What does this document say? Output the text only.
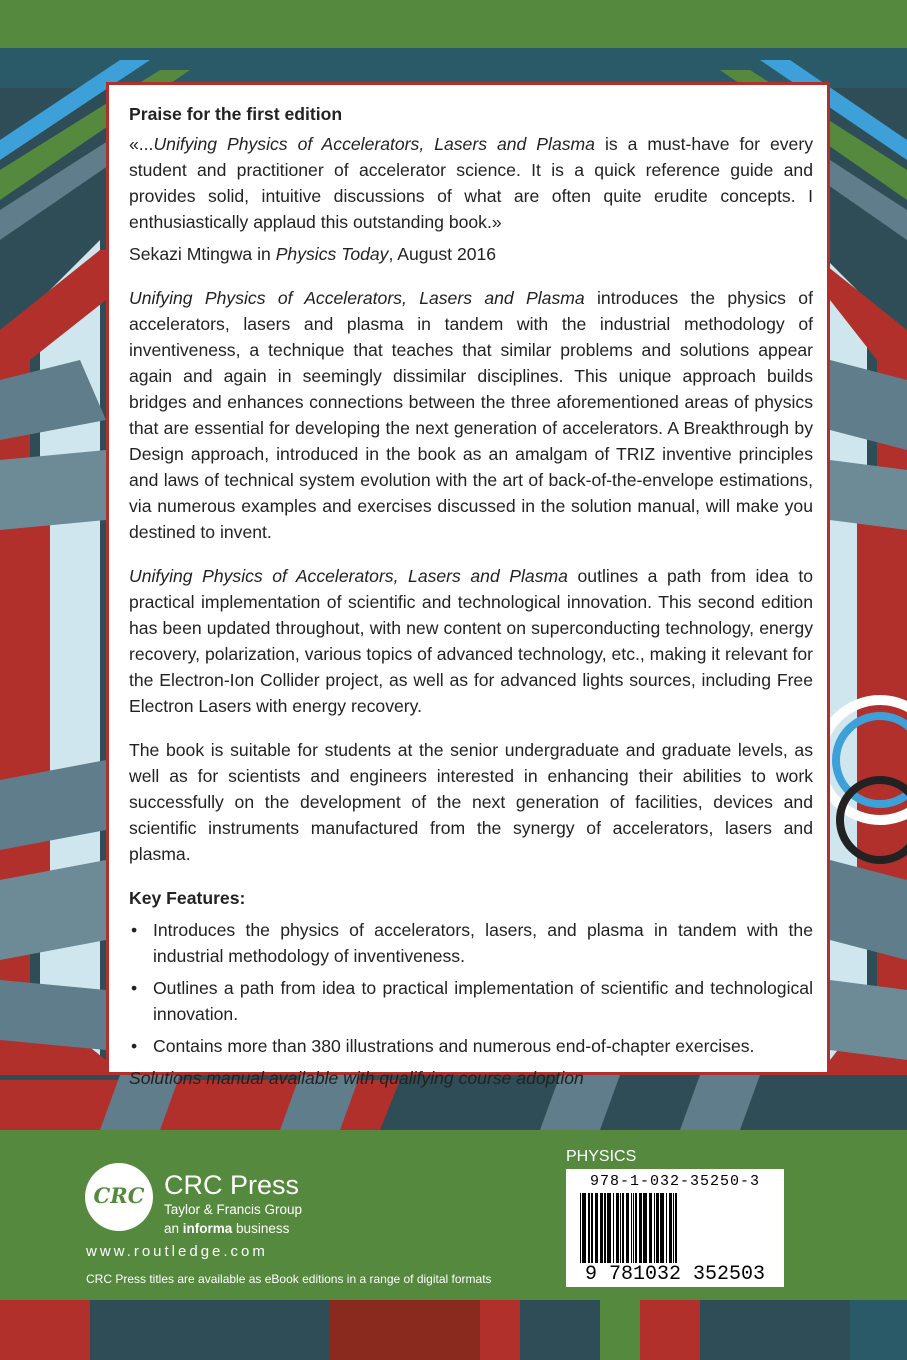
Praise for the first edition

«...Unifying Physics of Accelerators, Lasers and Plasma is a must-have for every student and practitioner of accelerator science. It is a quick reference guide and provides solid, intuitive discussions of what are often quite erudite concepts. I enthusiastically applaud this outstanding book.»

Sekazi Mtingwa in Physics Today, August 2016

Unifying Physics of Accelerators, Lasers and Plasma introduces the physics of accelerators, lasers and plasma in tandem with the industrial methodology of inventiveness, a technique that teaches that similar problems and solutions appear again and again in seemingly dissimilar disciplines. This unique approach builds bridges and enhances connections between the three aforementioned areas of physics that are essential for developing the next generation of accelerators. A Breakthrough by Design approach, introduced in the book as an amalgam of TRIZ inventive principles and laws of technical system evolution with the art of back-of-the-envelope estimations, via numerous examples and exercises discussed in the solution manual, will make you destined to invent.

Unifying Physics of Accelerators, Lasers and Plasma outlines a path from idea to practical implementation of scientific and technological innovation. This second edition has been updated throughout, with new content on superconducting technology, energy recovery, polarization, various topics of advanced technology, etc., making it relevant for the Electron-Ion Collider project, as well as for advanced lights sources, including Free Electron Lasers with energy recovery.

The book is suitable for students at the senior undergraduate and graduate levels, as well as for scientists and engineers interested in enhancing their abilities to work successfully on the development of the next generation of facilities, devices and scientific instruments manufactured from the synergy of accelerators, lasers and plasma.

Key Features:

• Introduces the physics of accelerators, lasers, and plasma in tandem with the industrial methodology of inventiveness.
• Outlines a path from idea to practical implementation of scientific and technological innovation.
• Contains more than 380 illustrations and numerous end-of-chapter exercises.

Solutions manual available with qualifying course adoption

CRC CRC Press
Taylor & Francis Group
an informa business
www.routledge.com
CRC Press titles are available as eBook editions in a range of digital formats
PHYSICS
978-1-032-35250-3
9 781032 352503
